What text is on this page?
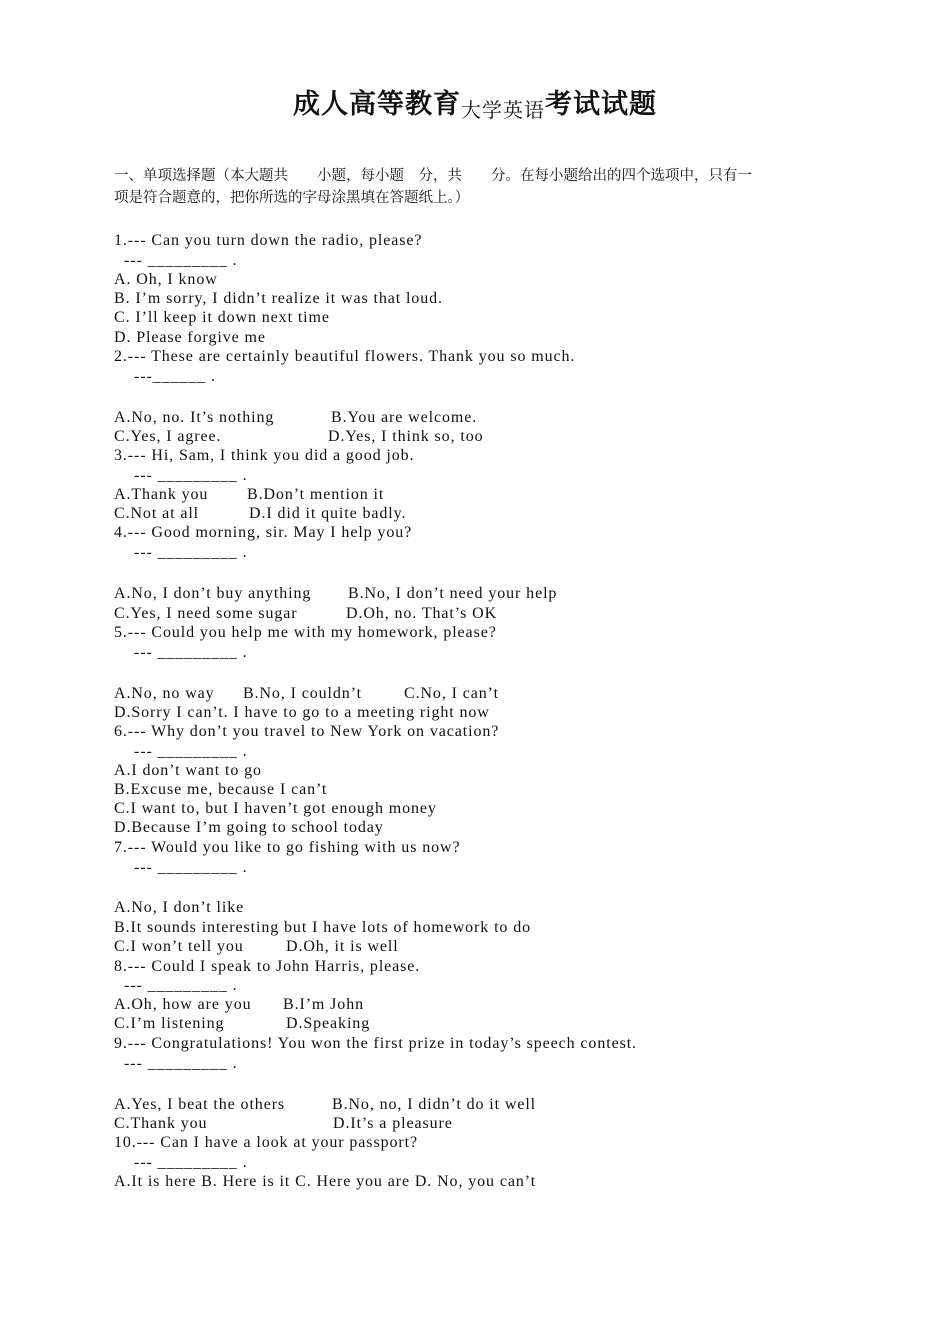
成人高等教育大学英语考试试题
一、单项选择题（本大题共　　小题，每小题　分，共　　分。在每小题给出的四个选项中，只有一
项是符合题意的，把你所选的字母涂黑填在答题纸上。）
1.--- Can you turn down the radio, please?
--- _________ .
A. Oh, I know
B. I’m sorry, I didn’t realize it was that loud.
C. I’ll keep it down next time
D. Please forgive me
2.--- These are certainly beautiful flowers. Thank you so much.
---______ .
A.No, no. It’s nothing	B.You are welcome.
C.Yes, I agree.	D.Yes, I think so, too
3.--- Hi, Sam, I think you did a good job.
--- _________ .
A.Thank you B.Don’t mention it
C.Not at all	D.I did it quite badly.
4.--- Good morning, sir. May I help you?
--- _________ .
A.No, I don’t buy anything B.No, I don’t need your help
C.Yes, I need some sugar	D.Oh, no. That’s OK
5.--- Could you help me with my homework, please?
--- _________ .
A.No, no way B.No, I couldn’t	C.No, I can’t
D.Sorry I can’t. I have to go to a meeting right now
6.--- Why don’t you travel to New York on vacation?
--- _________ .
A.I don’t want to go
B.Excuse me, because I can’t
C.I want to, but I haven’t got enough money
D.Because I’m going to school today
7.--- Would you like to go fishing with us now?
--- _________ .
A.No, I don’t like
B.It sounds interesting but I have lots of homework to do
C.I won’t tell you	D.Oh, it is well
8.--- Could I speak to John Harris, please.
--- _________ .
A.Oh, how are you B.I’m John
C.I’m listening	D.Speaking
9.--- Congratulations! You won the first prize in today’s speech contest.
--- _________ .
A.Yes, I beat the others	B.No, no, I didn’t do it well
C.Thank you	D.It’s a pleasure
10.--- Can I have a look at your passport?
--- _________ .
A.It is here B. Here is it C. Here you are D. No, you can’t
